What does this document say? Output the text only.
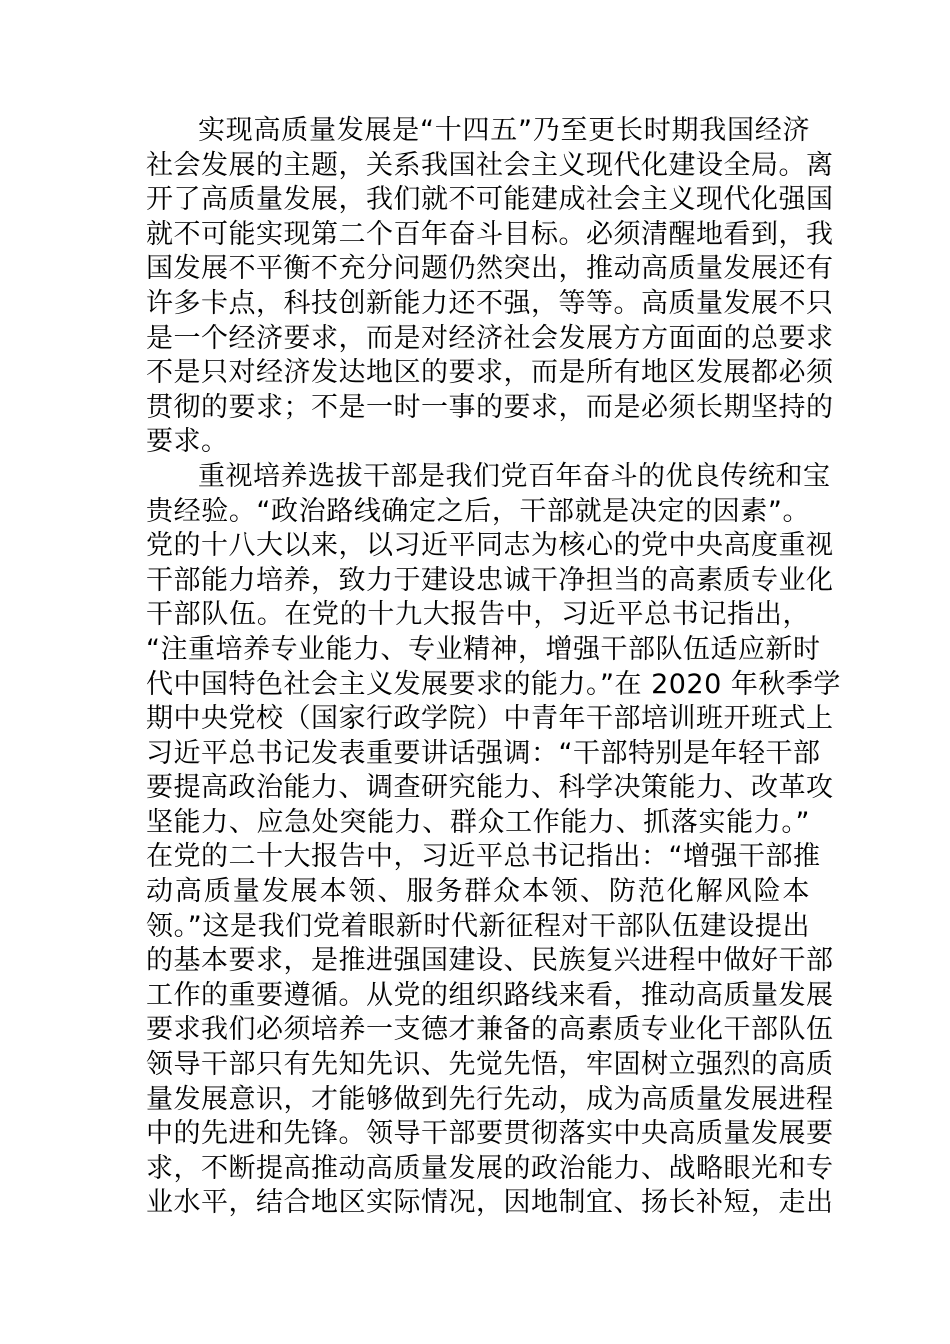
实现高质量发展是“十四五”乃至更长时期我国经济
社会发展的主题，关系我国社会主义现代化建设全局。离
开了高质量发展，我们就不可能建成社会主义现代化强国
就不可能实现第二个百年奋斗目标。必须清醒地看到，我
国发展不平衡不充分问题仍然突出，推动高质量发展还有
许多卡点，科技创新能力还不强，等等。高质量发展不只
是一个经济要求，而是对经济社会发展方方面面的总要求
不是只对经济发达地区的要求，而是所有地区发展都必须
贯彻的要求；不是一时一事的要求，而是必须长期坚持的
要求。
重视培养选拔干部是我们党百年奋斗的优良传统和宝
贵经验。“政治路线确定之后，干部就是决定的因素”。
党的十八大以来，以习近平同志为核心的党中央高度重视
干部能力培养，致力于建设忠诚干净担当的高素质专业化
干部队伍。在党的十九大报告中，习近平总书记指出，
“注重培养专业能力、专业精神，增强干部队伍适应新时
代中国特色社会主义发展要求的能力。”在 2020 年秋季学
期中央党校（国家行政学院）中青年干部培训班开班式上
习近平总书记发表重要讲话强调：“干部特别是年轻干部
要提高政治能力、调查研究能力、科学决策能力、改革攻
坚能力、应急处突能力、群众工作能力、抓落实能力。”
在党的二十大报告中，习近平总书记指出：“增强干部推
动高质量发展本领、服务群众本领、防范化解风险本
领。”这是我们党着眼新时代新征程对干部队伍建设提出
的基本要求，是推进强国建设、民族复兴进程中做好干部
工作的重要遵循。从党的组织路线来看，推动高质量发展
要求我们必须培养一支德才兼备的高素质专业化干部队伍
领导干部只有先知先识、先觉先悟，牢固树立强烈的高质
量发展意识，才能够做到先行先动，成为高质量发展进程
中的先进和先锋。领导干部要贯彻落实中央高质量发展要
求，不断提高推动高质量发展的政治能力、战略眼光和专
业水平，结合地区实际情况，因地制宜、扬长补短，走出
